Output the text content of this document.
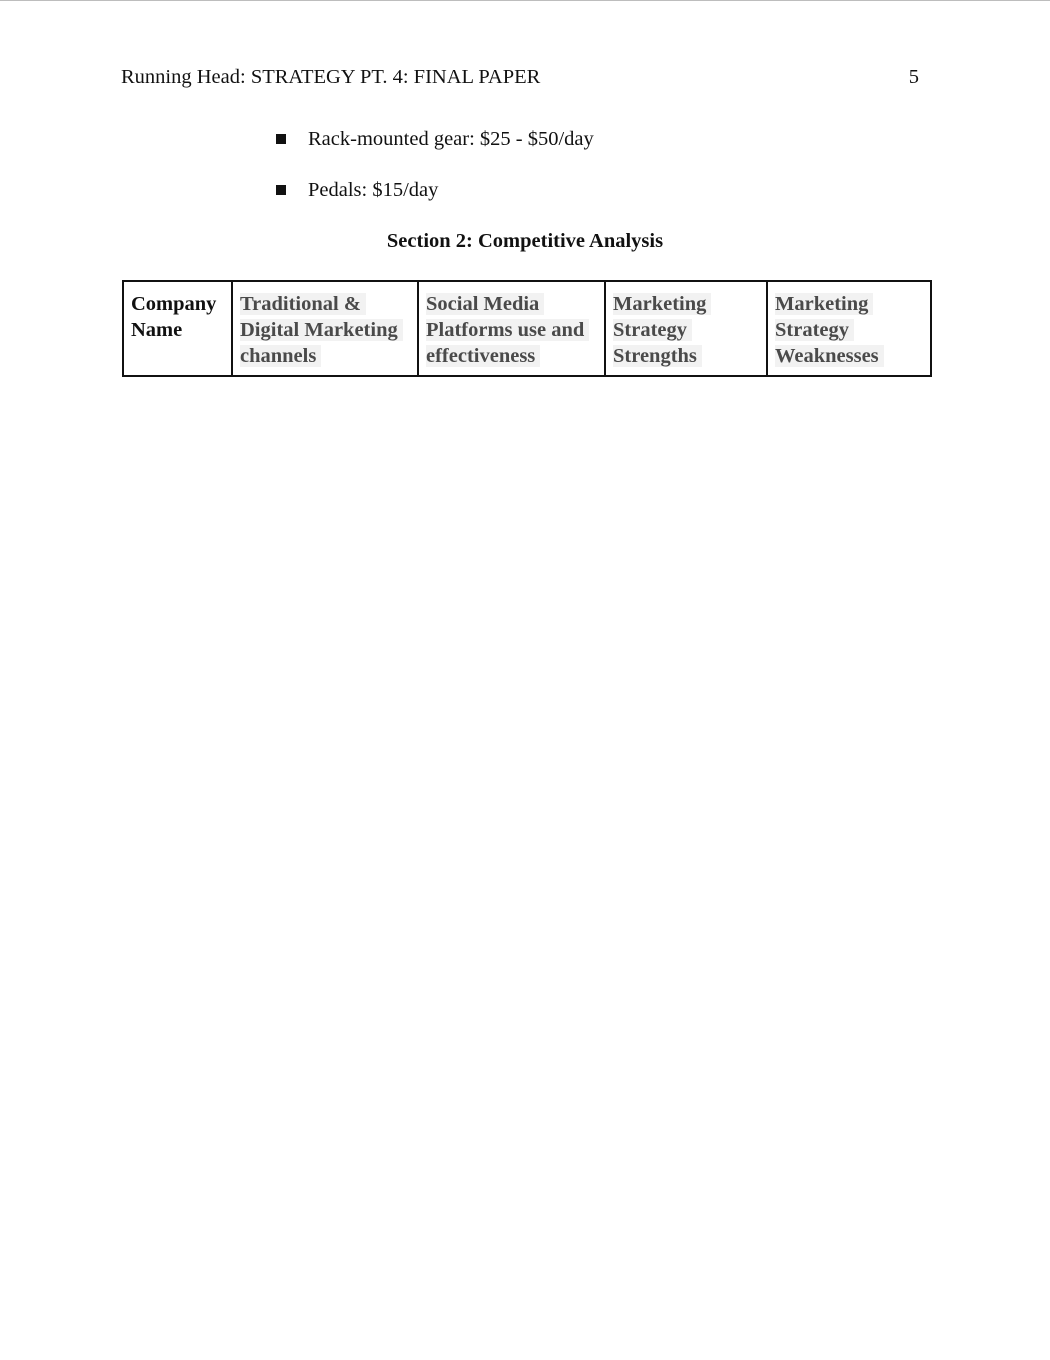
Running Head: STRATEGY PT. 4: FINAL PAPER	5
Rack-mounted gear: $25 - $50/day
Pedals: $15/day
Section 2: Competitive Analysis
Company Name	Traditional & Digital Marketing channels	Social Media Platforms use and effectiveness	Marketing Strategy Strengths	Marketing Strategy Weaknesses
